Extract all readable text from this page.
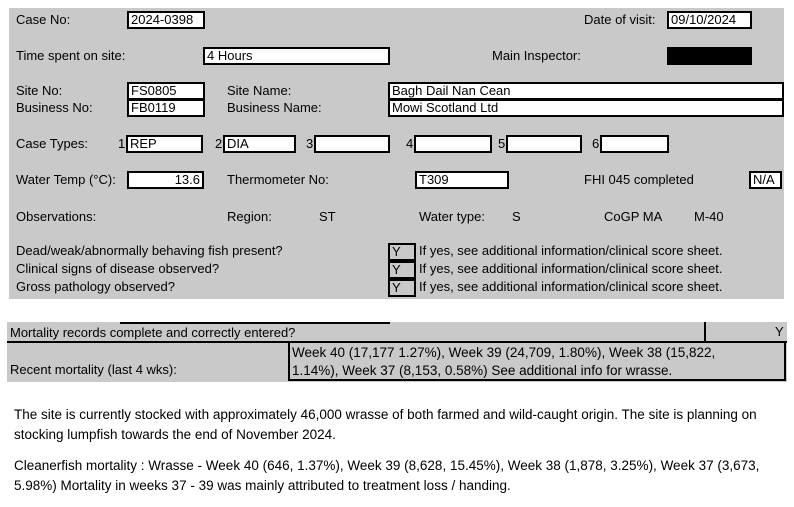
Case No:	2024-0398	Date of visit:	09/10/2024
Time spent on site:	4 Hours	Main Inspector:
Site No:	FS0805	Site Name:	Bagh Dail Nan Cean
Business No:	FB0119	Business Name:	Mowi Scotland Ltd
Case Types: 1 REP	2 DIA	3	4	5	6
Water Temp (°C):	13.6	Thermometer No:	T309	FHI 045 completed	N/A
Observations:	Region:	ST	Water type: S	CoGP MA M-40
Dead/weak/abnormally behaving fish present?	Y	If yes, see additional information/clinical score sheet.
Clinical signs of disease observed?	Y	If yes, see additional information/clinical score sheet.
Gross pathology observed?	Y	If yes, see additional information/clinical score sheet.
Mortality records complete and correctly entered?	Y
Recent mortality (last 4 wks):
Week 40 (17,177 1.27%), Week 39 (24,709, 1.80%), Week 38 (15,822,
1.14%), Week 37 (8,153, 0.58%) See additional info for wrasse.
The site is currently stocked with approximately 46,000 wrasse of both farmed and wild-caught origin. The site is planning on
stocking lumpfish towards the end of November 2024.
Cleanerfish mortality : Wrasse - Week 40 (646, 1.37%), Week 39 (8,628, 15.45%), Week 38 (1,878, 3.25%), Week 37 (3,673,
5.98%) Mortality in weeks 37 - 39 was mainly attributed to treatment loss / handing.
